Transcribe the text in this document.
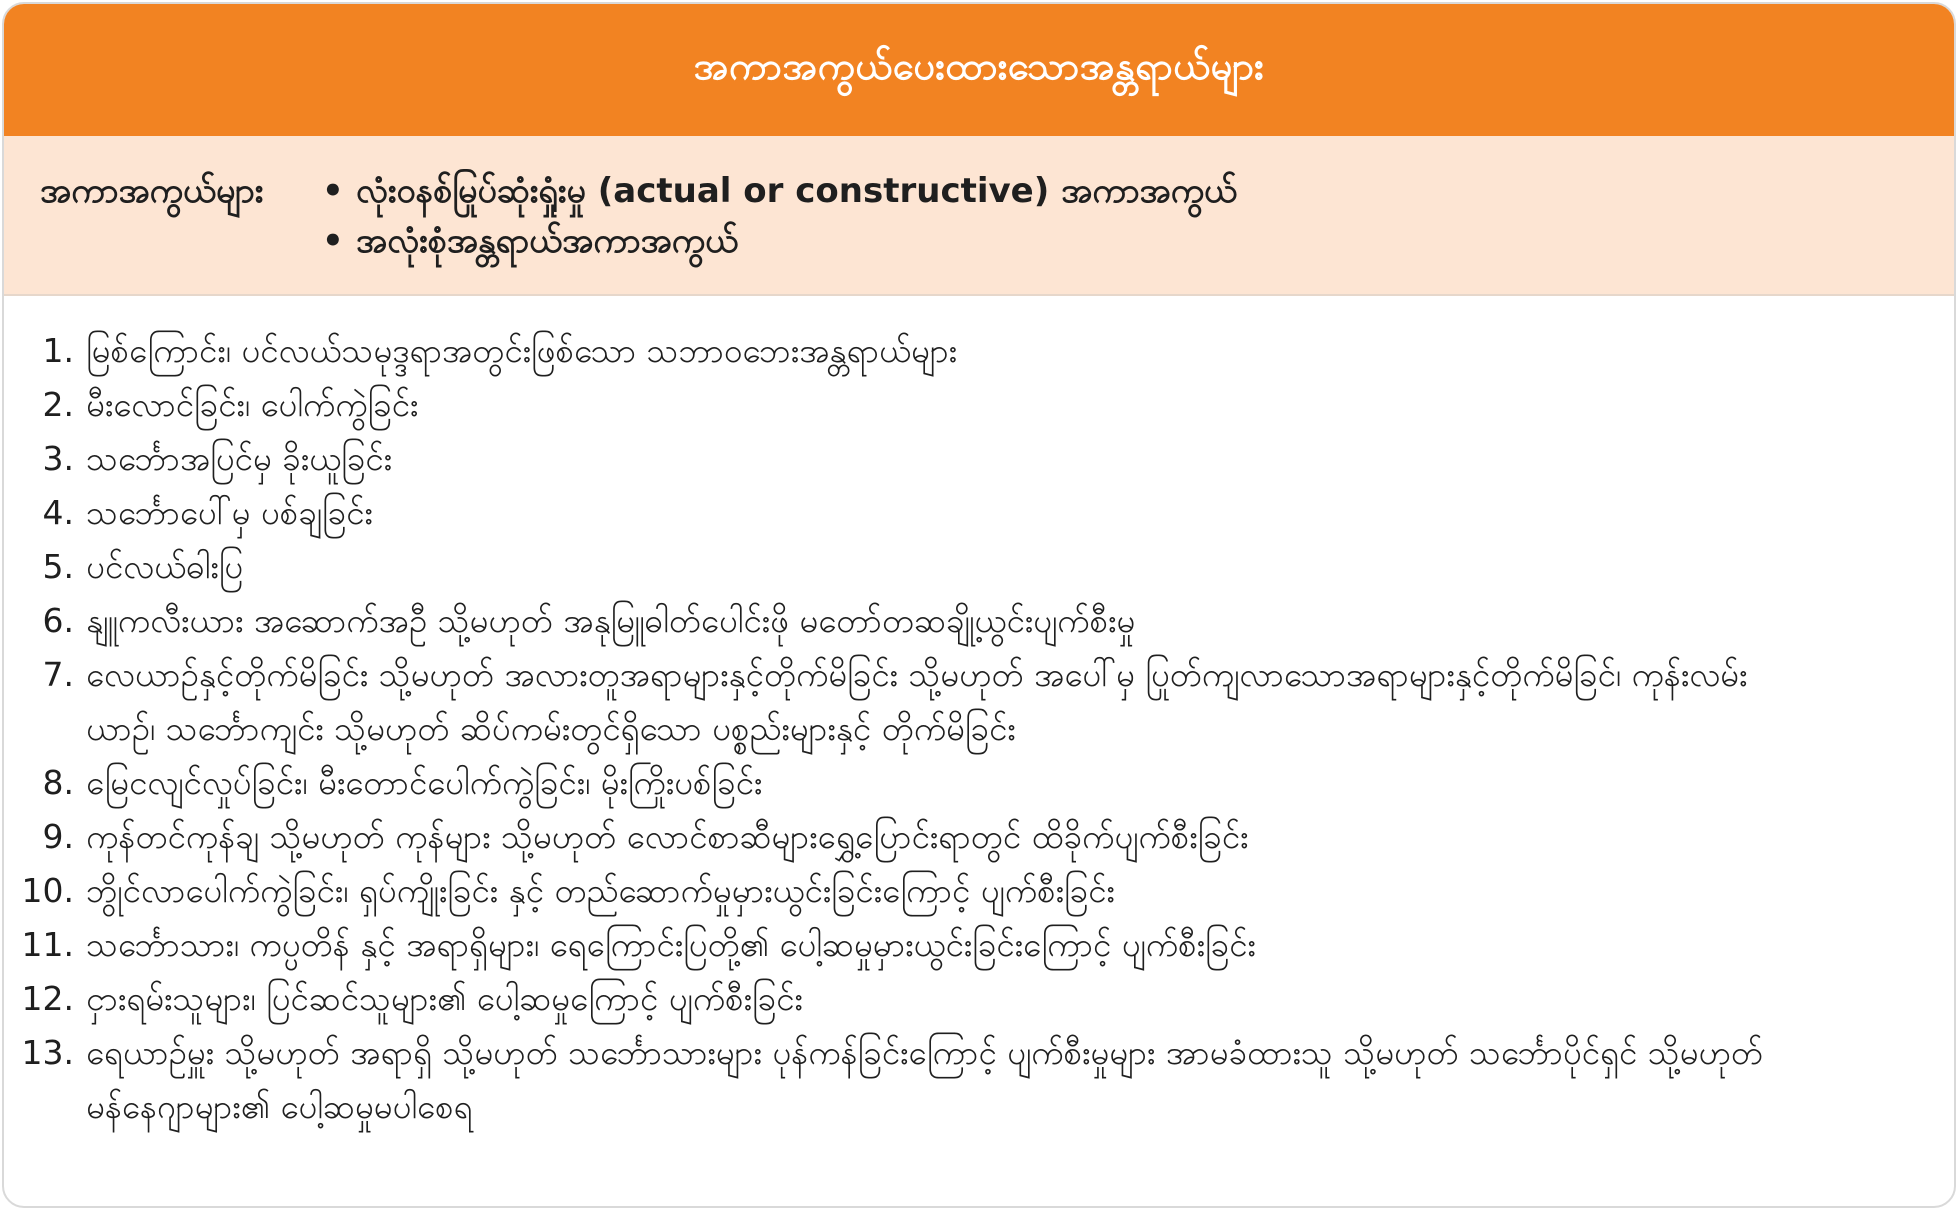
အကာအကွယ်ပေးထားသောအန္တရာယ်များ
အကာအကွယ်များ	• လုံးဝနစ်မြုပ်ဆုံးရှုံးမှု (actual or constructive) အကာအကွယ်
• အလုံးစုံအန္တရာယ်အကာအကွယ်
1. မြစ်ကြောင်း၊ ပင်လယ်သမုဒ္ဒရာအတွင်းဖြစ်သော သဘာဝဘေးအန္တရာယ်များ
2. မီးလောင်ခြင်း၊ ပေါက်ကွဲခြင်း
3. သင်္ဘောအပြင်မှ ခိုးယူခြင်း
4. သင်္ဘောပေါ်မှ ပစ်ချခြင်း
5. ပင်လယ်ဓါးပြ
6. နျူကလီးယား အဆောက်အဦ သို့မဟုတ် အနုမြူဓါတ်ပေါင်းဖို မတော်တဆချို့ယွင်းပျက်စီးမှု
7. လေယာဉ်နှင့်တိုက်မိခြင်း သို့မဟုတ် အလားတူအရာများနှင့်တိုက်မိခြင်း သို့မဟုတ် အပေါ်မှ ပြုတ်ကျလာသောအရာများနှင့်တိုက်မိခြင်၊ ကုန်းလမ်းယာဉ်၊ သင်္ဘောကျင်း သို့မဟုတ် ဆိပ်ကမ်းတွင်ရှိသော ပစ္စည်းများနှင့် တိုက်မိခြင်း
8. မြေငလျင်လှုပ်ခြင်း၊ မီးတောင်ပေါက်ကွဲခြင်း၊ မိုးကြိုးပစ်ခြင်း
9. ကုန်တင်ကုန်ချ သို့မဟုတ် ကုန်များ သို့မဟုတ် လောင်စာဆီများရွှေ့ပြောင်းရာတွင် ထိခိုက်ပျက်စီးခြင်း
10. ဘွိုင်လာပေါက်ကွဲခြင်း၊ ရှပ်ကျိုးခြင်း နှင့် တည်ဆောက်မှုမှားယွင်းခြင်းကြောင့် ပျက်စီးခြင်း
11. သင်္ဘောသား၊ ကပ္ပတိန် နှင့် အရာရှိများ၊ ရေကြောင်းပြတို့၏ ပေါ့ဆမှုမှားယွင်းခြင်းကြောင့် ပျက်စီးခြင်း
12. ငှားရမ်းသူများ၊ ပြင်ဆင်သူများ၏ ပေါ့ဆမှုကြောင့် ပျက်စီးခြင်း
13. ရေယာဉ်မှူး သို့မဟုတ် အရာရှိ သို့မဟုတ် သင်္ဘောသားများ ပုန်ကန်ခြင်းကြောင့် ပျက်စီးမှုများ အာမခံထားသူ သို့မဟုတ် သင်္ဘောပိုင်ရှင် သို့မဟုတ် မန်နေဂျာများ၏ ပေါ့ဆမှုမပါစေရ
